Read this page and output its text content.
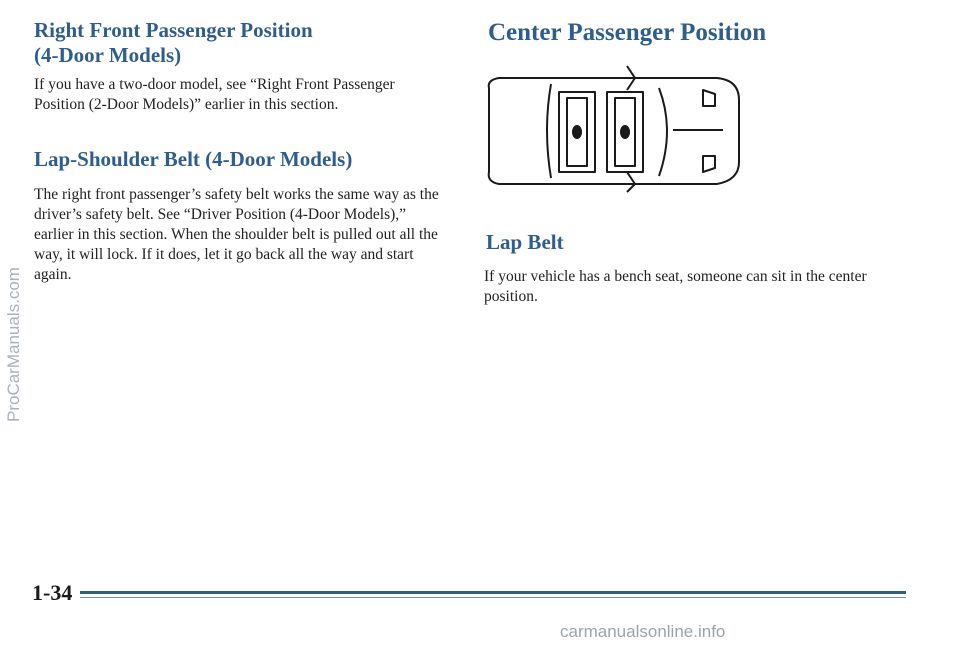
Right Front Passenger Position
(4-Door Models)

If you have a two-door model, see “Right Front Passenger Position (2-Door Models)” earlier in this section.

Lap-Shoulder Belt (4-Door Models)

The right front passenger’s safety belt works the same way as the driver’s safety belt. See “Driver Position (4-Door Models),” earlier in this section. When the shoulder belt is pulled out all the way, it will lock. If it does, let it go back all the way and start again.

Center Passenger Position
Lap Belt

If your vehicle has a bench seat, someone can sit in the center position.

ProCarManuals.com
1-34
carmanualsonline.info
